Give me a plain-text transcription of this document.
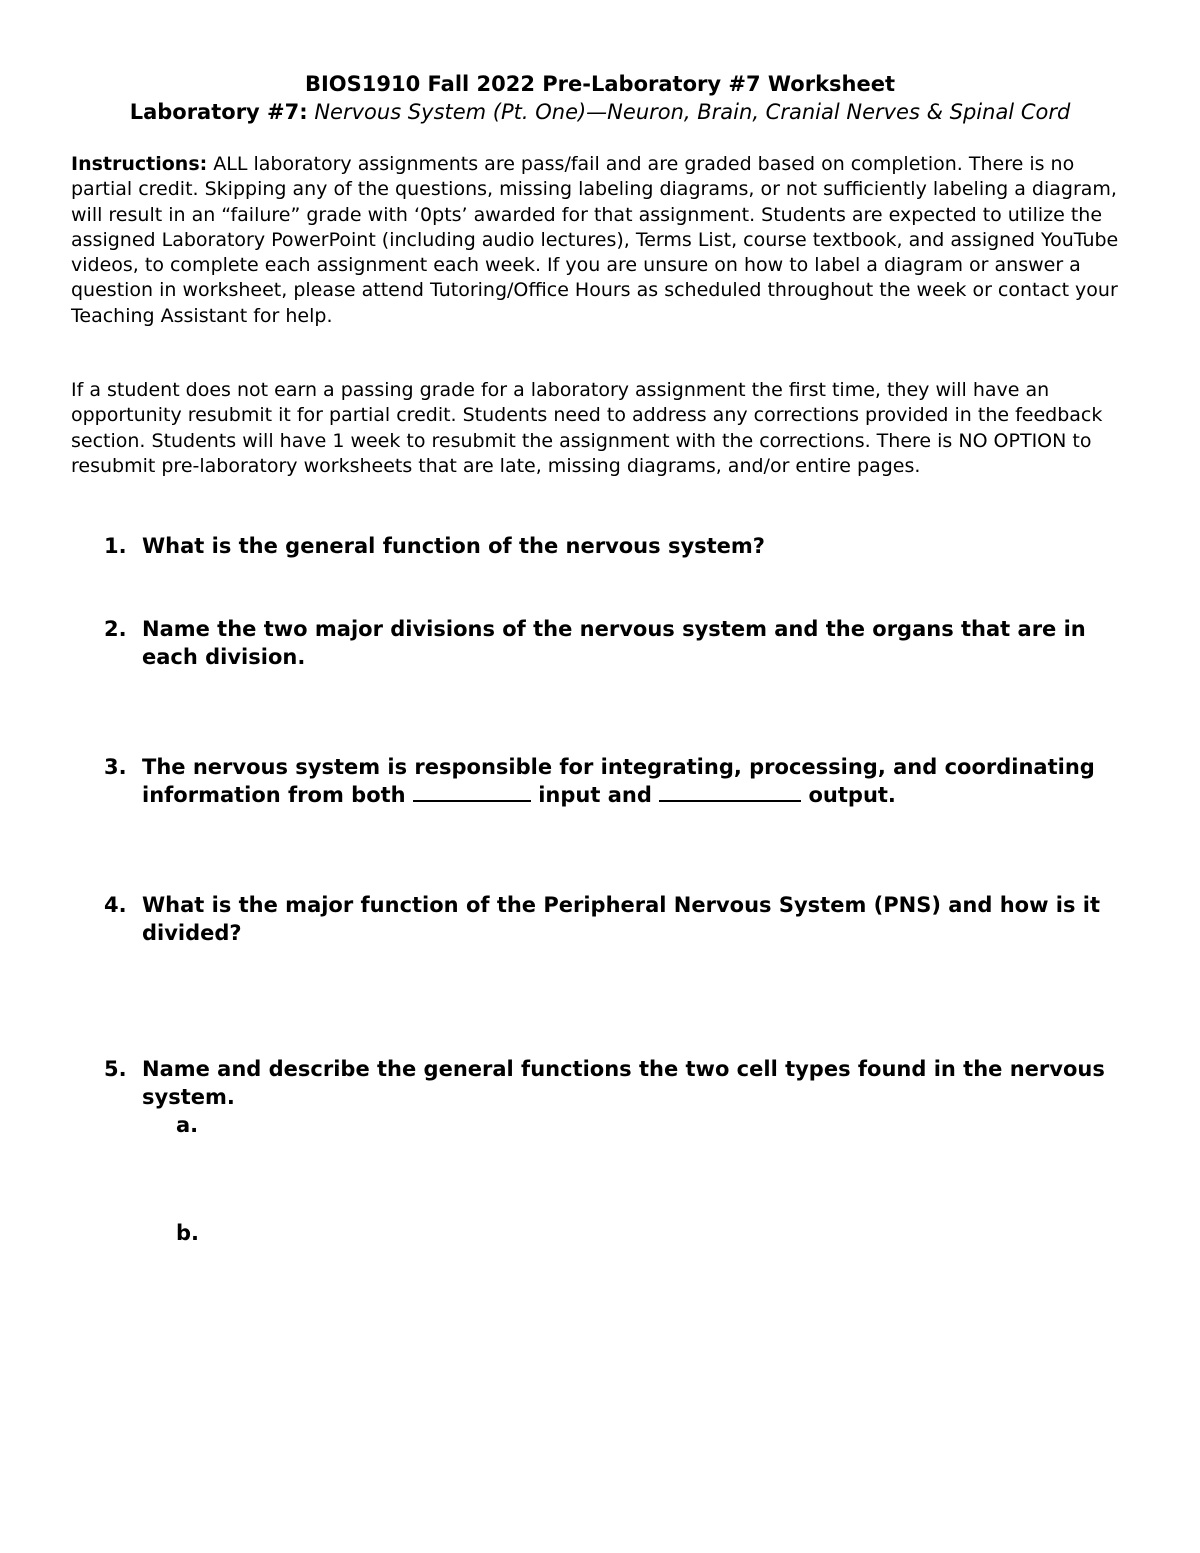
BIOS1910 Fall 2022 Pre-Laboratory #7 Worksheet
Laboratory #7: Nervous System (Pt. One)—Neuron, Brain, Cranial Nerves & Spinal Cord
Instructions: ALL laboratory assignments are pass/fail and are graded based on completion. There is no partial credit. Skipping any of the questions, missing labeling diagrams, or not sufficiently labeling a diagram, will result in an “failure” grade with ‘0pts’ awarded for that assignment. Students are expected to utilize the assigned Laboratory PowerPoint (including audio lectures), Terms List, course textbook, and assigned YouTube videos, to complete each assignment each week. If you are unsure on how to label a diagram or answer a question in worksheet, please attend Tutoring/Office Hours as scheduled throughout the week or contact your Teaching Assistant for help.
If a student does not earn a passing grade for a laboratory assignment the first time, they will have an opportunity resubmit it for partial credit. Students need to address any corrections provided in the feedback section. Students will have 1 week to resubmit the assignment with the corrections. There is NO OPTION to resubmit pre-laboratory worksheets that are late, missing diagrams, and/or entire pages.
1. What is the general function of the nervous system?
2. Name the two major divisions of the nervous system and the organs that are in each division.
3. The nervous system is responsible for integrating, processing, and coordinating information from both	input and	output.
4. What is the major function of the Peripheral Nervous System (PNS) and how is it divided?
5. Name and describe the general functions the two cell types found in the nervous system.
a.
b.
